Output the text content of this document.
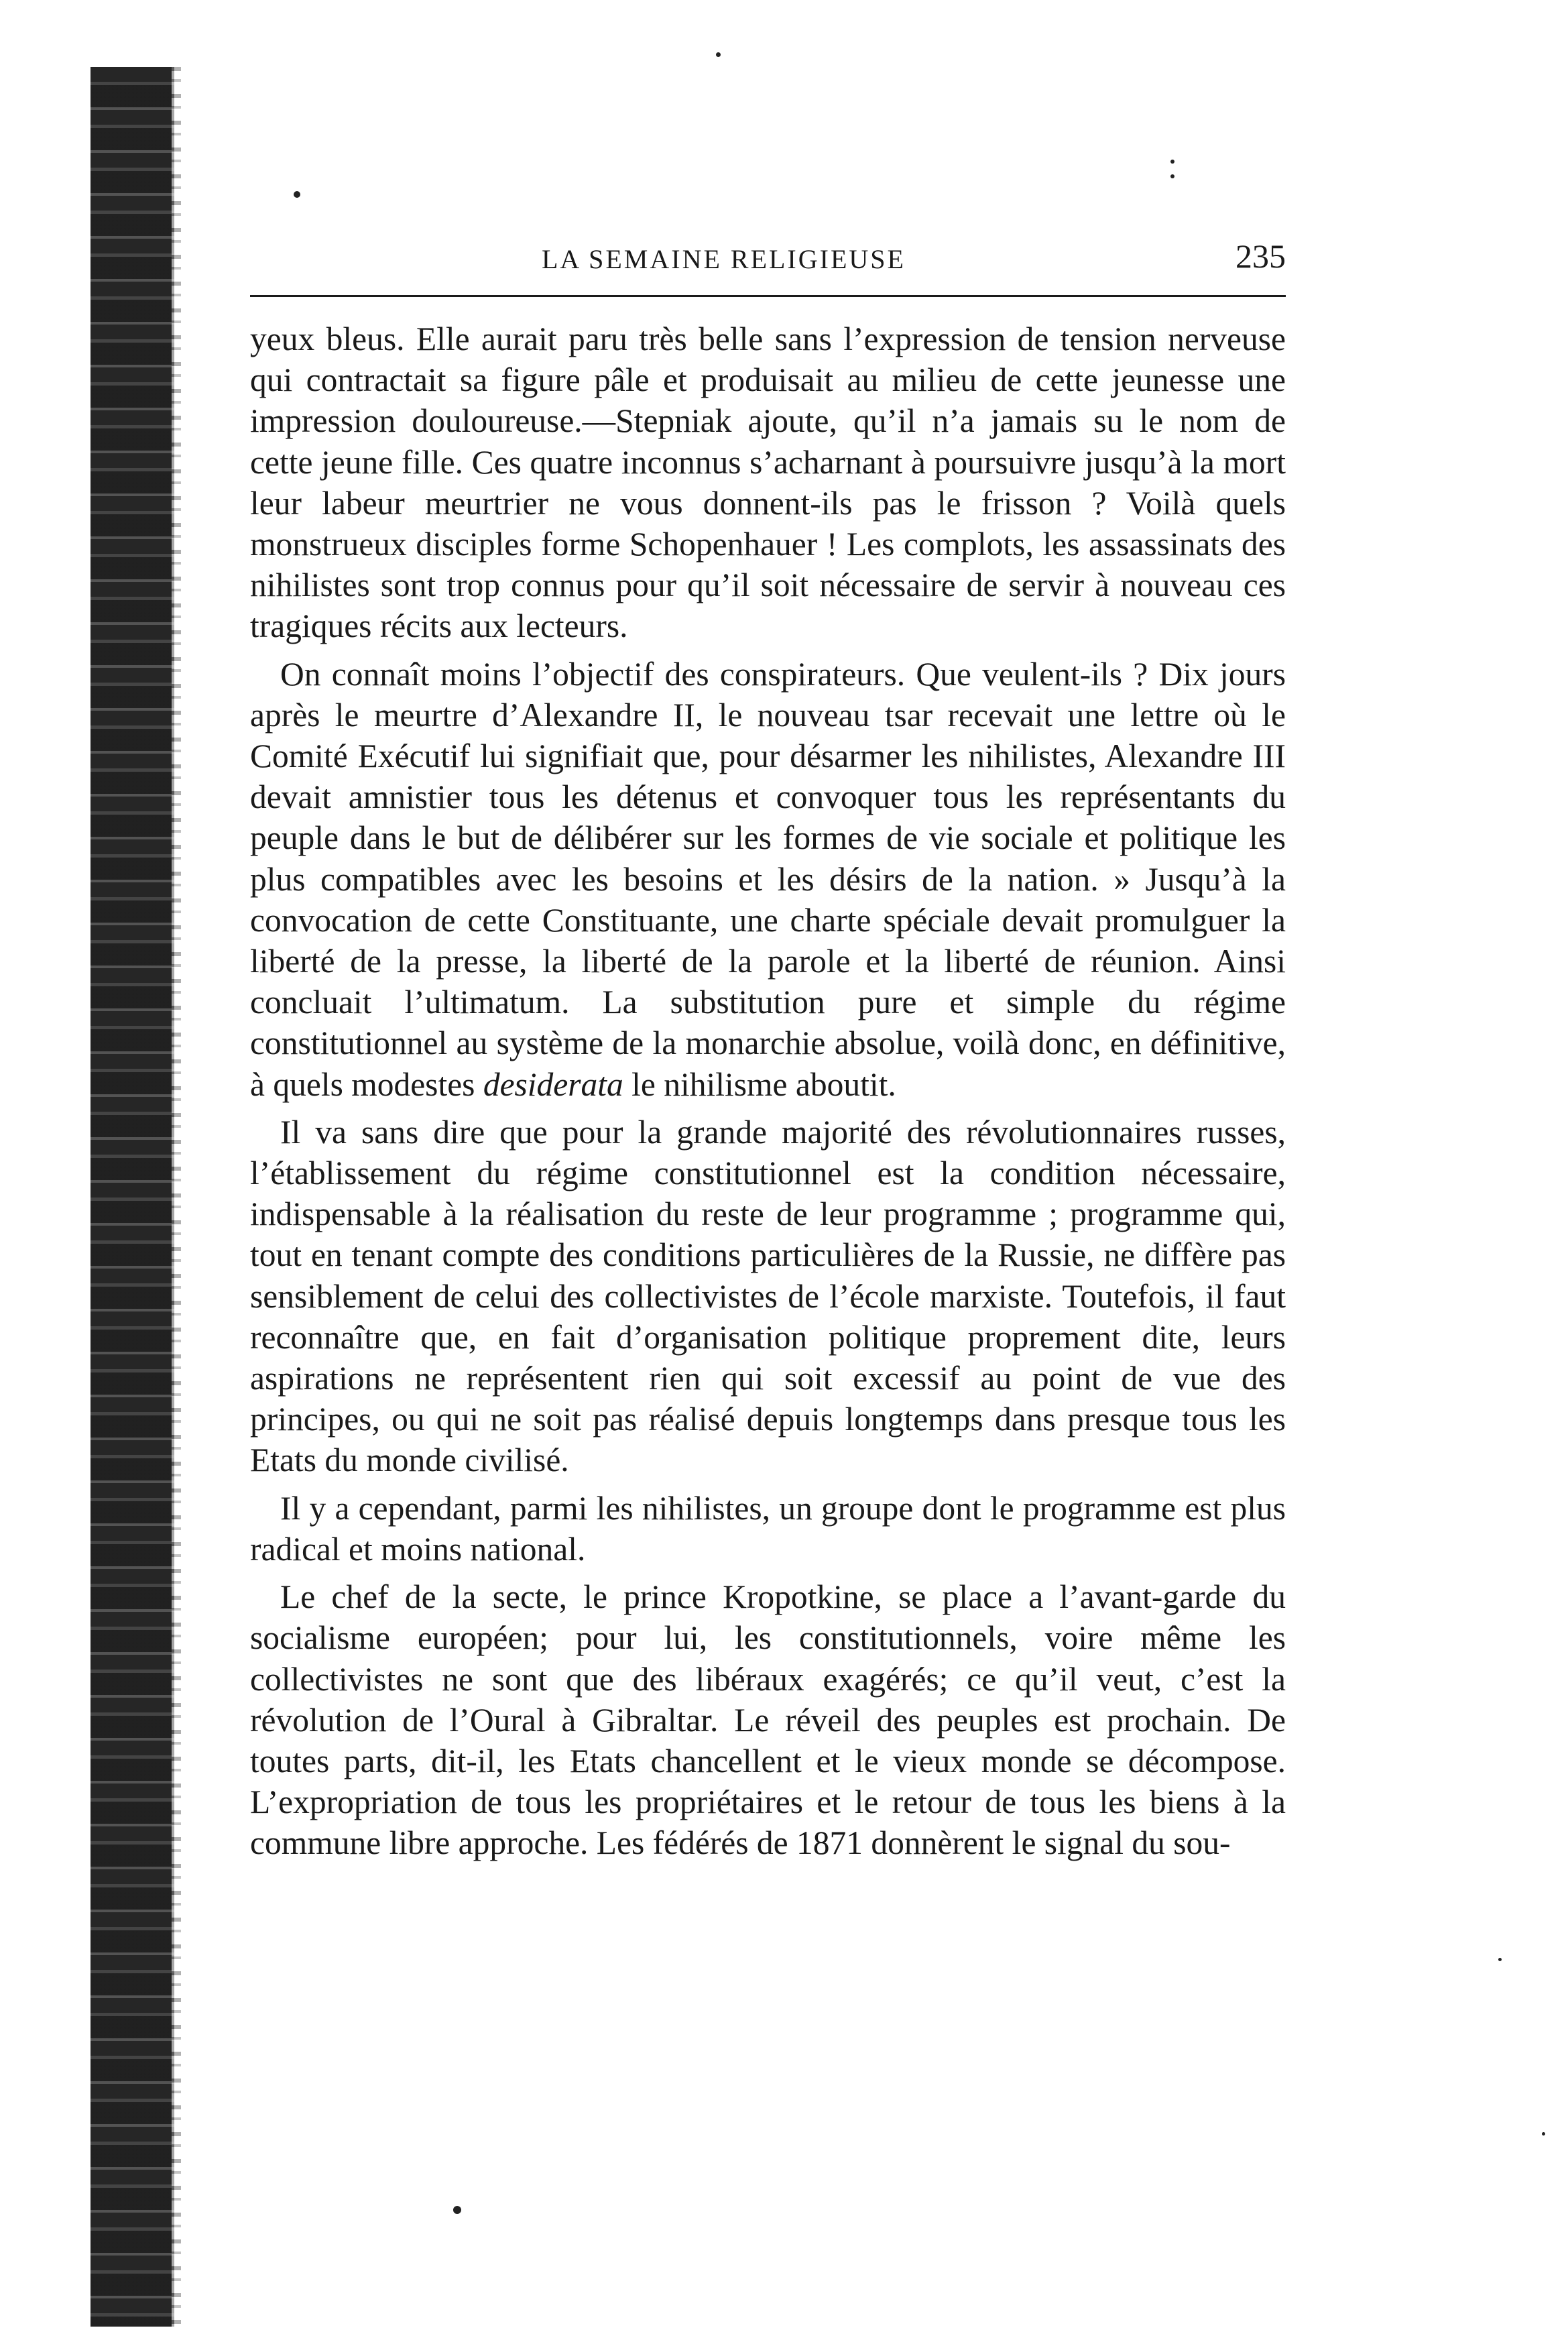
LA SEMAINE RELIGIEUSE	235

yeux bleus. Elle aurait paru très belle sans l’expression de tension nerveuse qui contractait sa figure pâle et produisait au milieu de cette jeunesse une impression douloureuse.—Stepniak ajoute, qu’il n’a jamais su le nom de cette jeune fille. Ces quatre inconnus s’acharnant à poursuivre jusqu’à la mort leur labeur meurtrier ne vous donnent-ils pas le frisson ? Voilà quels monstrueux disciples forme Schopenhauer ! Les complots, les assassinats des nihilistes sont trop connus pour qu’il soit nécessaire de servir à nouveau ces tragiques récits aux lecteurs.

On connaît moins l’objectif des conspirateurs. Que veulent-ils ? Dix jours après le meurtre d’Alexandre II, le nouveau tsar recevait une lettre où le Comité Exécutif lui signifiait que, pour désarmer les nihilistes, Alexandre III devait amnistier tous les détenus et convoquer tous les représentants du peuple dans le but de délibérer sur les formes de vie sociale et politique les plus compatibles avec les besoins et les désirs de la nation. » Jusqu’à la convocation de cette Constituante, une charte spéciale devait promulguer la liberté de la presse, la liberté de la parole et la liberté de réunion. Ainsi concluait l’ultimatum. La substitution pure et simple du régime constitutionnel au système de la monarchie absolue, voilà donc, en définitive, à quels modestes desiderata le nihilisme aboutit.

Il va sans dire que pour la grande majorité des révolutionnaires russes, l’établissement du régime constitutionnel est la condition nécessaire, indispensable à la réalisation du reste de leur programme ; programme qui, tout en tenant compte des conditions particulières de la Russie, ne diffère pas sensiblement de celui des collectivistes de l’école marxiste. Toutefois, il faut reconnaître que, en fait d’organisation politique proprement dite, leurs aspirations ne représentent rien qui soit excessif au point de vue des principes, ou qui ne soit pas réalisé depuis longtemps dans presque tous les Etats du monde civilisé.

Il y a cependant, parmi les nihilistes, un groupe dont le programme est plus radical et moins national.

Le chef de la secte, le prince Kropotkine, se place a l’avant-garde du socialisme européen; pour lui, les constitutionnels, voire même les collectivistes ne sont que des libéraux exagérés; ce qu’il veut, c’est la révolution de l’Oural à Gibraltar. Le réveil des peuples est prochain. De toutes parts, dit-il, les Etats chancellent et le vieux monde se décompose. L’expropriation de tous les propriétaires et le retour de tous les biens à la commune libre approche. Les fédérés de 1871 donnèrent le signal du sou-
